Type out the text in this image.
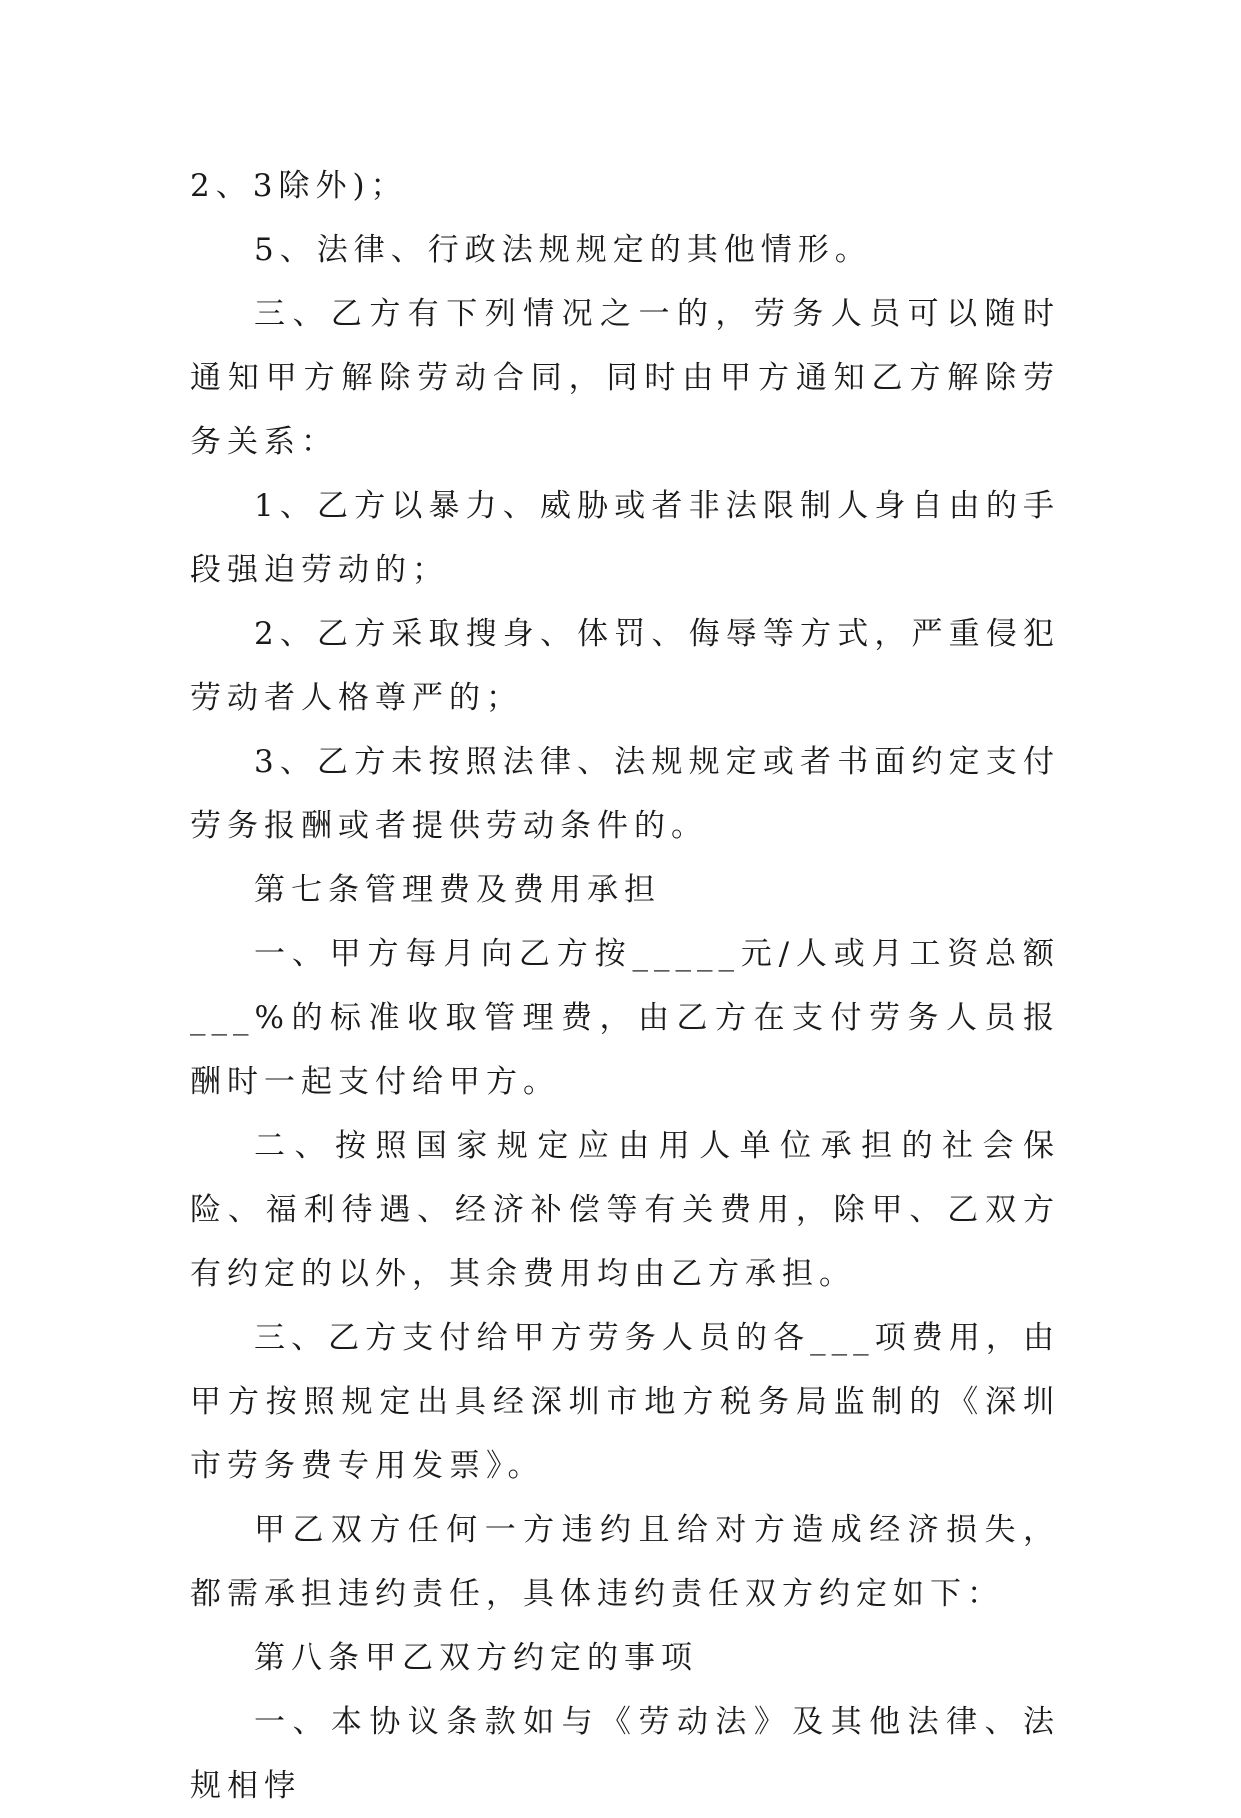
2、3除外)；

5、法律、行政法规规定的其他情形。

三、乙方有下列情况之一的，劳务人员可以随时通知甲方解除劳动合同，同时由甲方通知乙方解除劳务关系：

1、乙方以暴力、威胁或者非法限制人身自由的手段强迫劳动的；

2、乙方采取搜身、体罚、侮辱等方式，严重侵犯劳动者人格尊严的；

3、乙方未按照法律、法规规定或者书面约定支付劳务报酬或者提供劳动条件的。

第七条管理费及费用承担

一、甲方每月向乙方按_____元/人或月工资总额___%的标准收取管理费，由乙方在支付劳务人员报酬时一起支付给甲方。

二、按照国家规定应由用人单位承担的社会保险、福利待遇、经济补偿等有关费用，除甲、乙双方有约定的以外，其余费用均由乙方承担。

三、乙方支付给甲方劳务人员的各___项费用，由甲方按照规定出具经深圳市地方税务局监制的《深圳市劳务费专用发票》。

甲乙双方任何一方违约且给对方造成经济损失，都需承担违约责任，具体违约责任双方约定如下：

第八条甲乙双方约定的事项

一、本协议条款如与《劳动法》及其他法律、法规相悖
